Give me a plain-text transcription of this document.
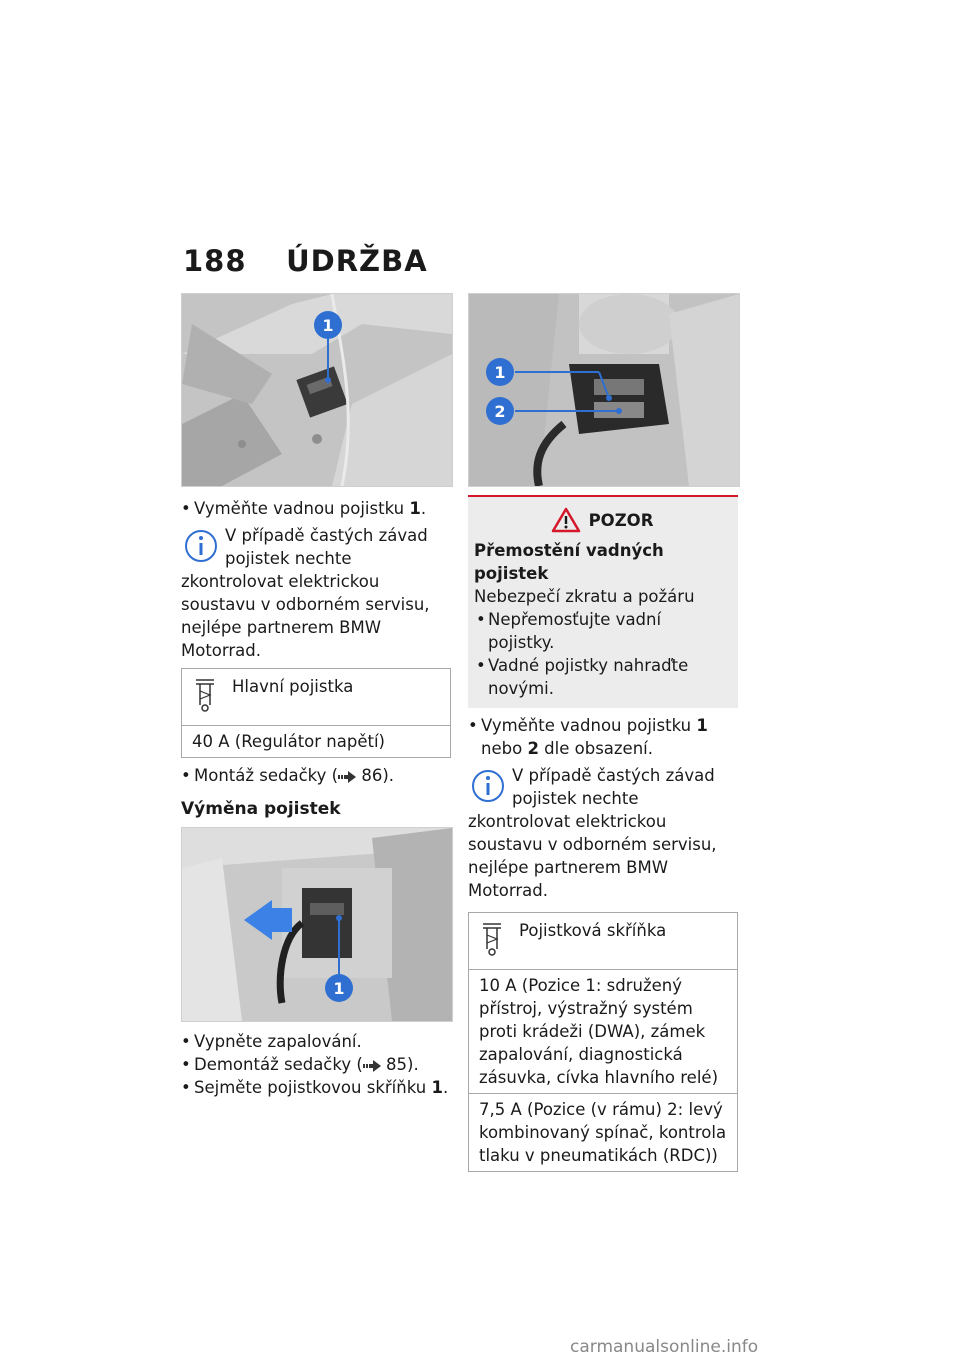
188 ÚDRŽBA
1
• Vyměňte vadnou pojistku 1.
V případě častých závad pojistek nechte zkontrolovat elektrickou soustavu v odborném servisu, nejlépe partnerem BMW Motorrad.
Hlavní pojistka
40 A (Regulátor napětí)
• Montáž sedačky ( 86).
Výměna pojistek
1
• Vypněte zapalování.
• Demontáž sedačky ( 85).
• Sejměte pojistkovou skříňku 1.
1
2
POZOR
Přemostění vadných pojistek
Nebezpečí zkratu a požáru
• Nepřemosťujte vadní pojistky.
• Vadné pojistky nahraďte novými.
• Vyměňte vadnou pojistku 1 nebo 2 dle obsazení.
V případě častých závad pojistek nechte zkontrolovat elektrickou soustavu v odborném servisu, nejlépe partnerem BMW Motorrad.
Pojistková skříňka
10 A (Pozice 1: sdružený přístroj, výstražný systém proti krádeži (DWA), zámek zapalování, diagnostická zásuvka, cívka hlavního relé)
7,5 A (Pozice (v rámu) 2: levý kombinovaný spínač, kontrola tlaku v pneumatikách (RDC))
carmanualsonline.info
